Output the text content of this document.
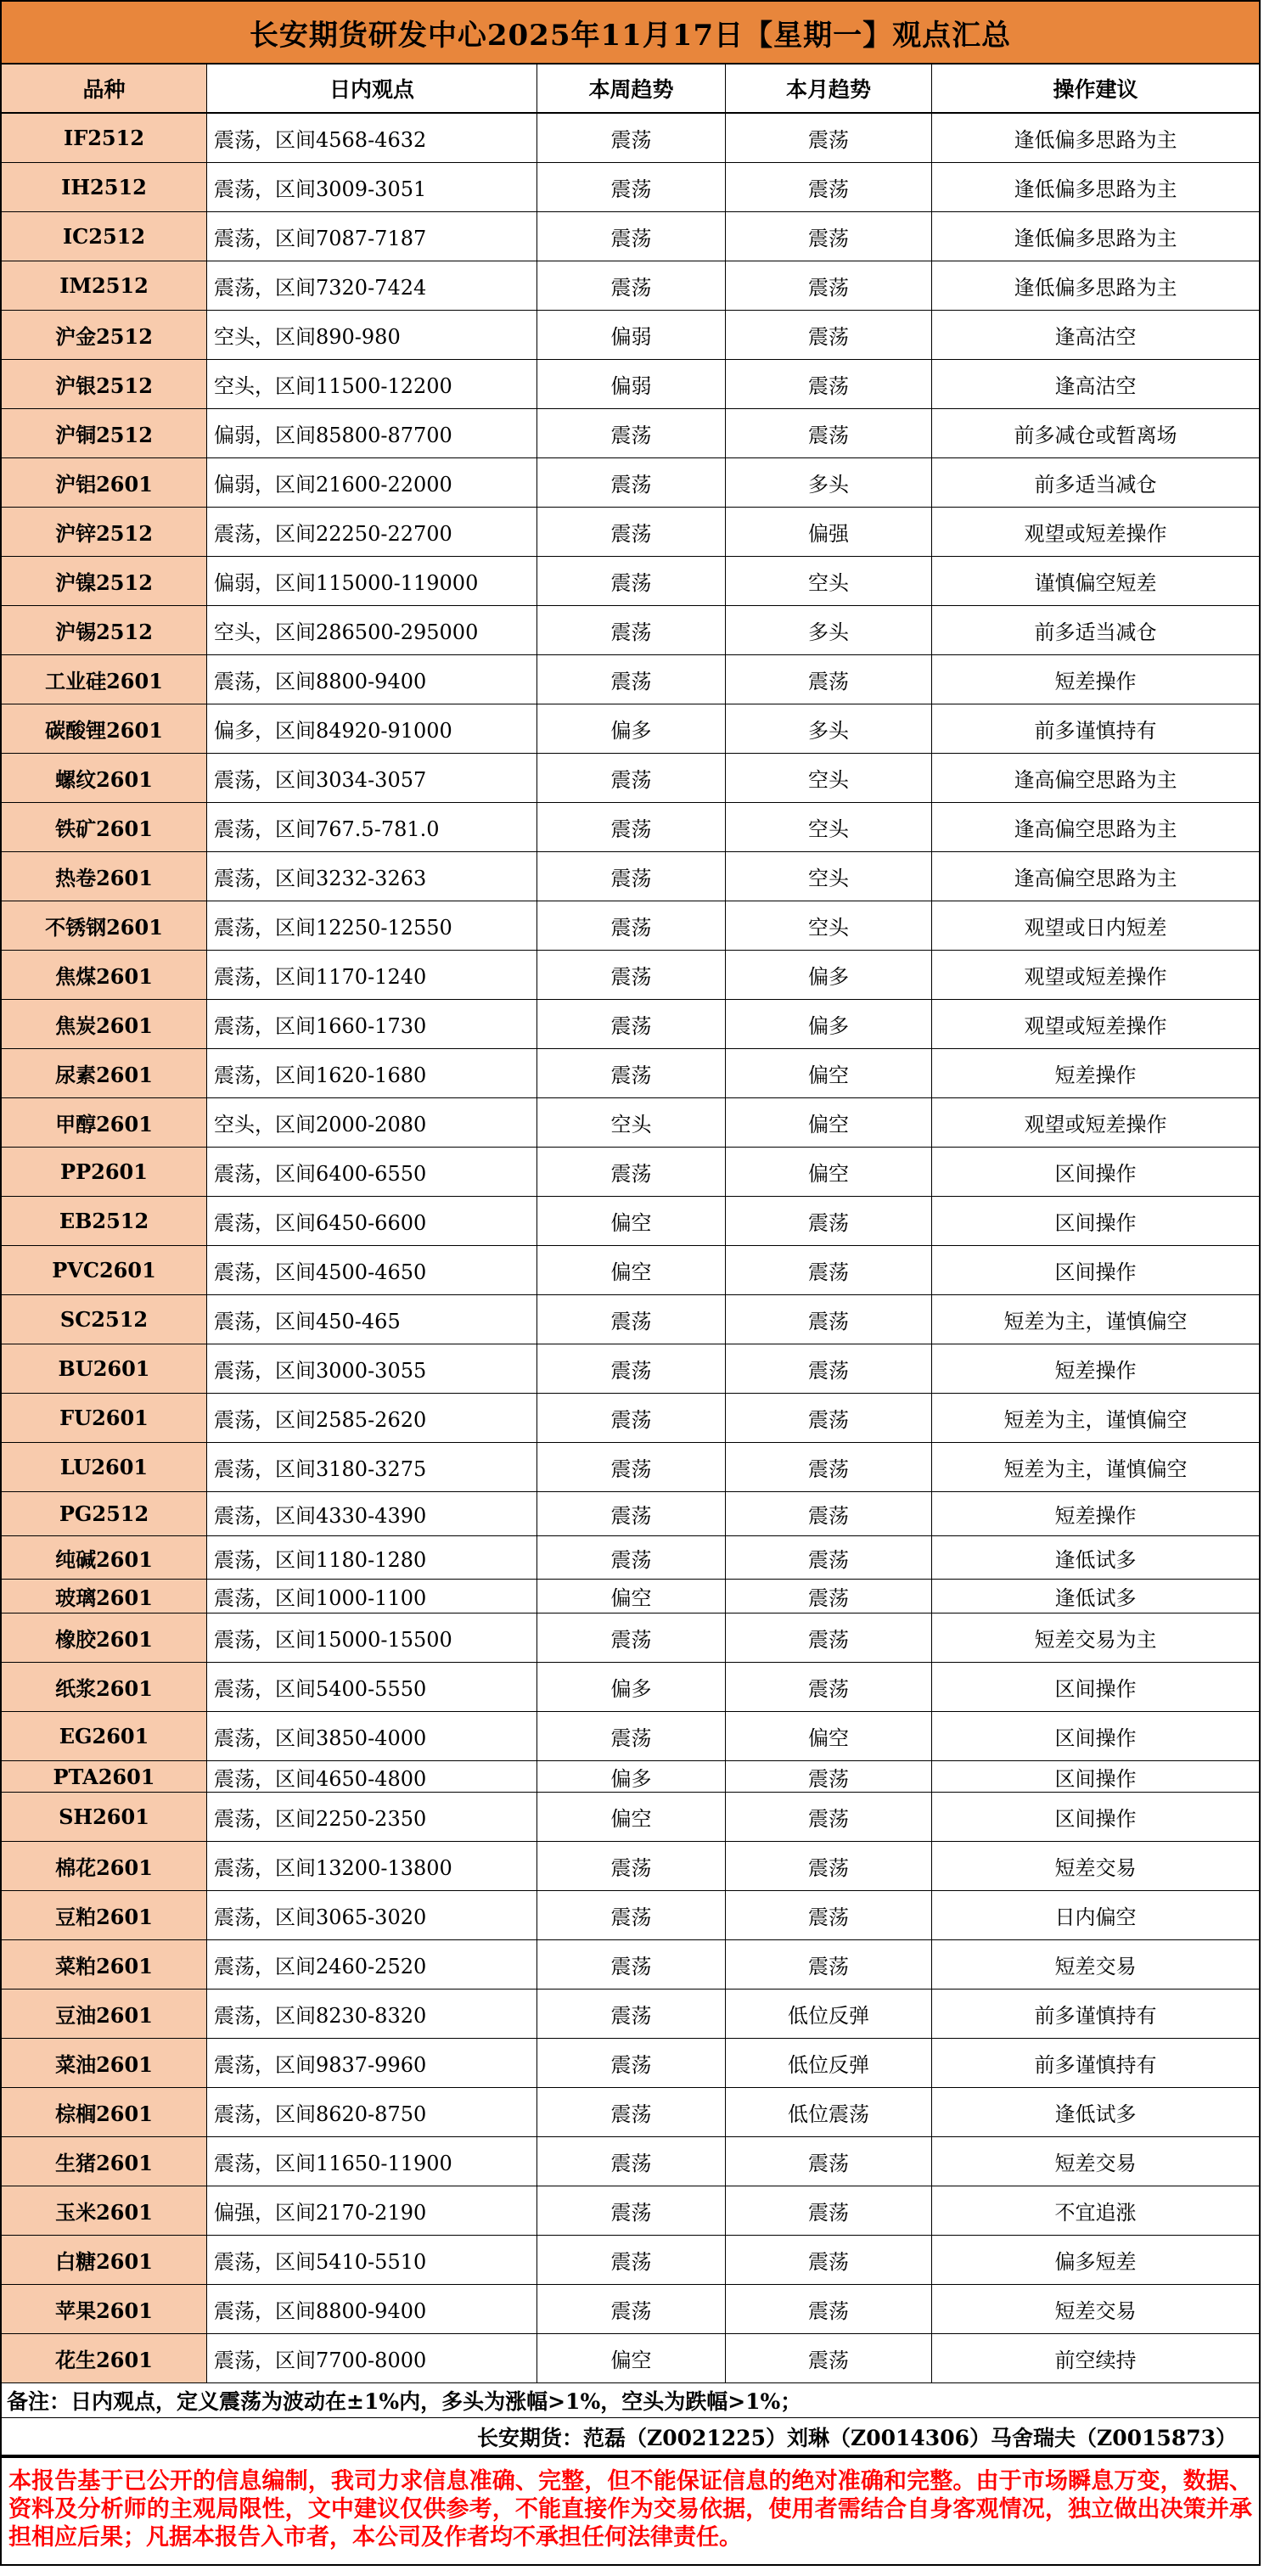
长安期货研发中心2025年11月17日【星期一】观点汇总
品种	日内观点	本周趋势	本月趋势	操作建议
IF2512	震荡，区间4568-4632	震荡	震荡	逢低偏多思路为主
IH2512	震荡，区间3009-3051	震荡	震荡	逢低偏多思路为主
IC2512	震荡，区间7087-7187	震荡	震荡	逢低偏多思路为主
IM2512	震荡，区间7320-7424	震荡	震荡	逢低偏多思路为主
沪金2512	空头，区间890-980	偏弱	震荡	逢高沽空
沪银2512	空头，区间11500-12200	偏弱	震荡	逢高沽空
沪铜2512	偏弱，区间85800-87700	震荡	震荡	前多减仓或暂离场
沪铝2601	偏弱，区间21600-22000	震荡	多头	前多适当减仓
沪锌2512	震荡，区间22250-22700	震荡	偏强	观望或短差操作
沪镍2512	偏弱，区间115000-119000	震荡	空头	谨慎偏空短差
沪锡2512	空头，区间286500-295000	震荡	多头	前多适当减仓
工业硅2601	震荡，区间8800-9400	震荡	震荡	短差操作
碳酸锂2601	偏多，区间84920-91000	偏多	多头	前多谨慎持有
螺纹2601	震荡，区间3034-3057	震荡	空头	逢高偏空思路为主
铁矿2601	震荡，区间767.5-781.0	震荡	空头	逢高偏空思路为主
热卷2601	震荡，区间3232-3263	震荡	空头	逢高偏空思路为主
不锈钢2601	震荡，区间12250-12550	震荡	空头	观望或日内短差
焦煤2601	震荡，区间1170-1240	震荡	偏多	观望或短差操作
焦炭2601	震荡，区间1660-1730	震荡	偏多	观望或短差操作
尿素2601	震荡，区间1620-1680	震荡	偏空	短差操作
甲醇2601	空头，区间2000-2080	空头	偏空	观望或短差操作
PP2601	震荡，区间6400-6550	震荡	偏空	区间操作
EB2512	震荡，区间6450-6600	偏空	震荡	区间操作
PVC2601	震荡，区间4500-4650	偏空	震荡	区间操作
SC2512	震荡，区间450-465	震荡	震荡	短差为主，谨慎偏空
BU2601	震荡，区间3000-3055	震荡	震荡	短差操作
FU2601	震荡，区间2585-2620	震荡	震荡	短差为主，谨慎偏空
LU2601	震荡，区间3180-3275	震荡	震荡	短差为主，谨慎偏空
PG2512	震荡，区间4330-4390	震荡	震荡	短差操作
纯碱2601	震荡，区间1180-1280	震荡	震荡	逢低试多
玻璃2601	震荡，区间1000-1100	偏空	震荡	逢低试多
橡胶2601	震荡，区间15000-15500	震荡	震荡	短差交易为主
纸浆2601	震荡，区间5400-5550	偏多	震荡	区间操作
EG2601	震荡，区间3850-4000	震荡	偏空	区间操作
PTA2601	震荡，区间4650-4800	偏多	震荡	区间操作
SH2601	震荡，区间2250-2350	偏空	震荡	区间操作
棉花2601	震荡，区间13200-13800	震荡	震荡	短差交易
豆粕2601	震荡，区间3065-3020	震荡	震荡	日内偏空
菜粕2601	震荡，区间2460-2520	震荡	震荡	短差交易
豆油2601	震荡，区间8230-8320	震荡	低位反弹	前多谨慎持有
菜油2601	震荡，区间9837-9960	震荡	低位反弹	前多谨慎持有
棕榈2601	震荡，区间8620-8750	震荡	低位震荡	逢低试多
生猪2601	震荡，区间11650-11900	震荡	震荡	短差交易
玉米2601	偏强，区间2170-2190	震荡	震荡	不宜追涨
白糖2601	震荡，区间5410-5510	震荡	震荡	偏多短差
苹果2601	震荡，区间8800-9400	震荡	震荡	短差交易
花生2601	震荡，区间7700-8000	偏空	震荡	前空续持
备注：日内观点，定义震荡为波动在±1%内，多头为涨幅>1%，空头为跌幅>1%；
长安期货：范磊（Z0021225）刘琳（Z0014306）马舍瑞夫（Z0015873）
本报告基于已公开的信息编制，我司力求信息准确、完整，但不能保证信息的绝对准确和完整。由于市场瞬息万变，数据、资料及分析师的主观局限性，文中建议仅供参考，不能直接作为交易依据，使用者需结合自身客观情况，独立做出决策并承担相应后果；凡据本报告入市者，本公司及作者均不承担任何法律责任。
